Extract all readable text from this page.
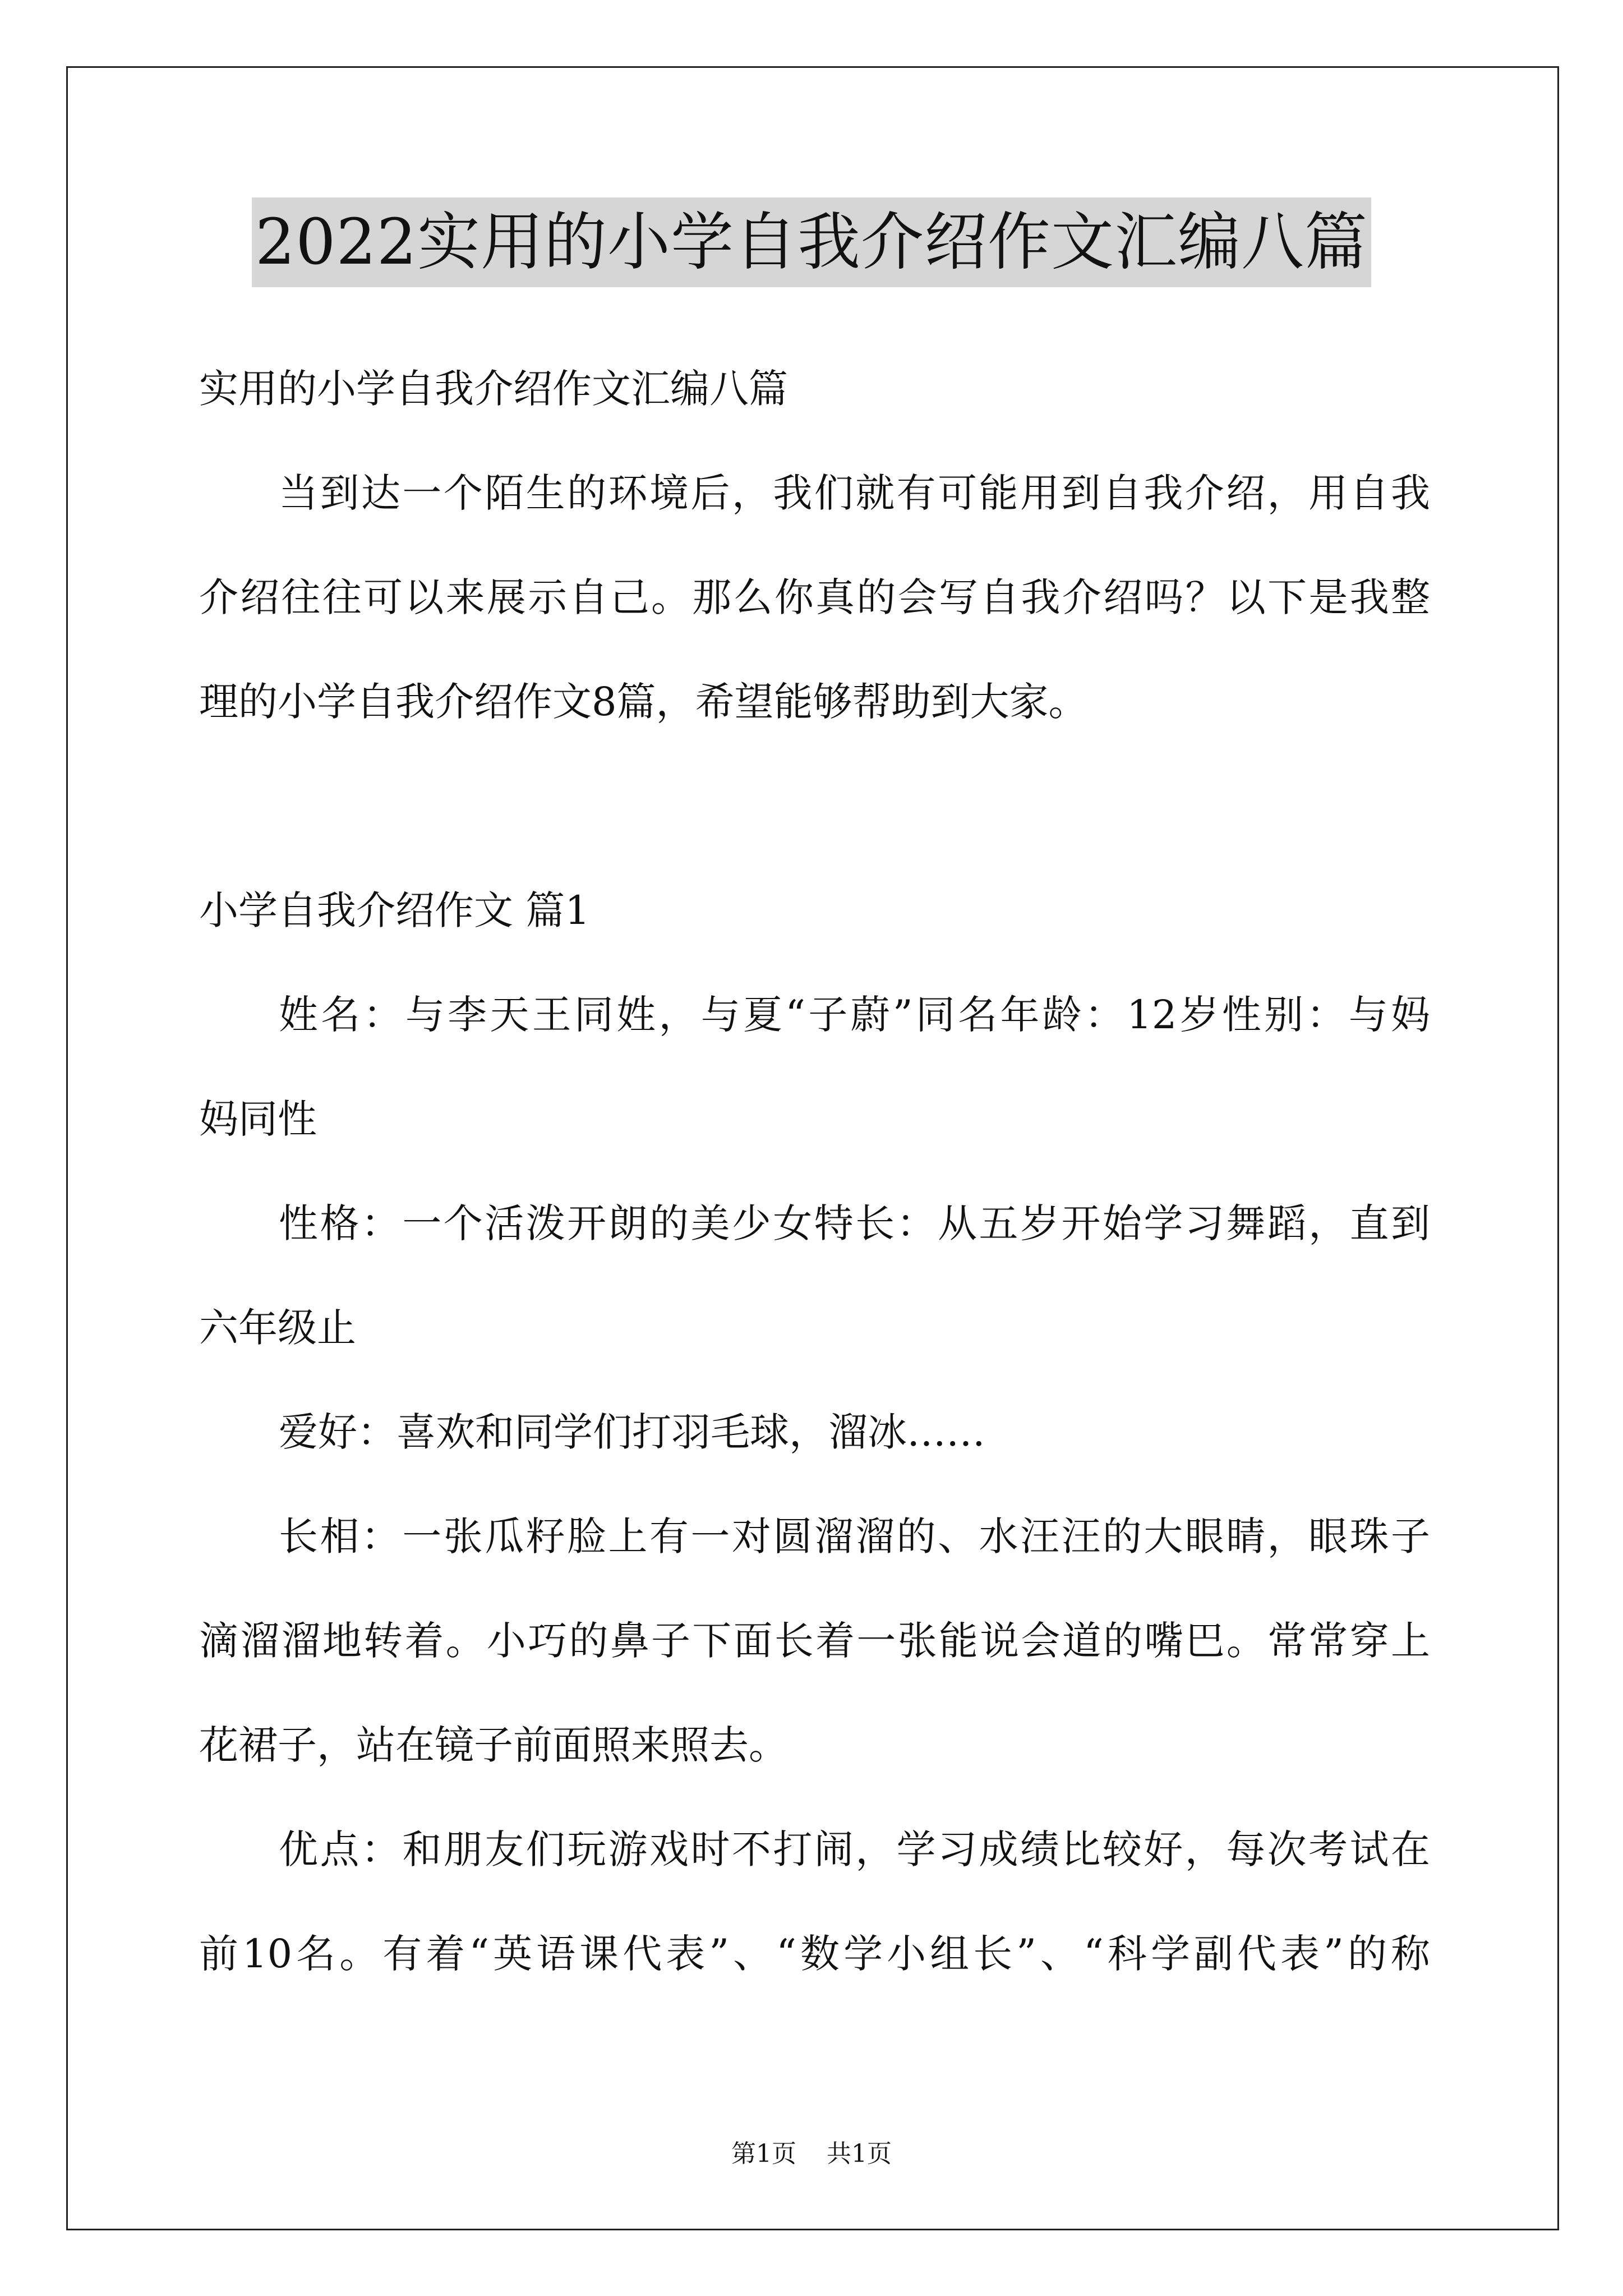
2022实用的小学自我介绍作文汇编八篇
实用的小学自我介绍作文汇编八篇
当到达一个陌生的环境后，我们就有可能用到自我介绍，用自我
介绍往往可以来展示自己。那么你真的会写自我介绍吗？以下是我整
理的小学自我介绍作文8篇，希望能够帮助到大家。
小学自我介绍作文 篇1
姓名：与李天王同姓，与夏“子蔚”同名年龄：12岁性别：与妈
妈同性
性格：一个活泼开朗的美少女特长：从五岁开始学习舞蹈，直到
六年级止
爱好：喜欢和同学们打羽毛球，溜冰……
长相：一张瓜籽脸上有一对圆溜溜的、水汪汪的大眼睛，眼珠子
滴溜溜地转着。小巧的鼻子下面长着一张能说会道的嘴巴。常常穿上
花裙子，站在镜子前面照来照去。
优点：和朋友们玩游戏时不打闹，学习成绩比较好，每次考试在
前10名。有着“英语课代表”、“数学小组长”、“科学副代表”的称
第1页 共1页
